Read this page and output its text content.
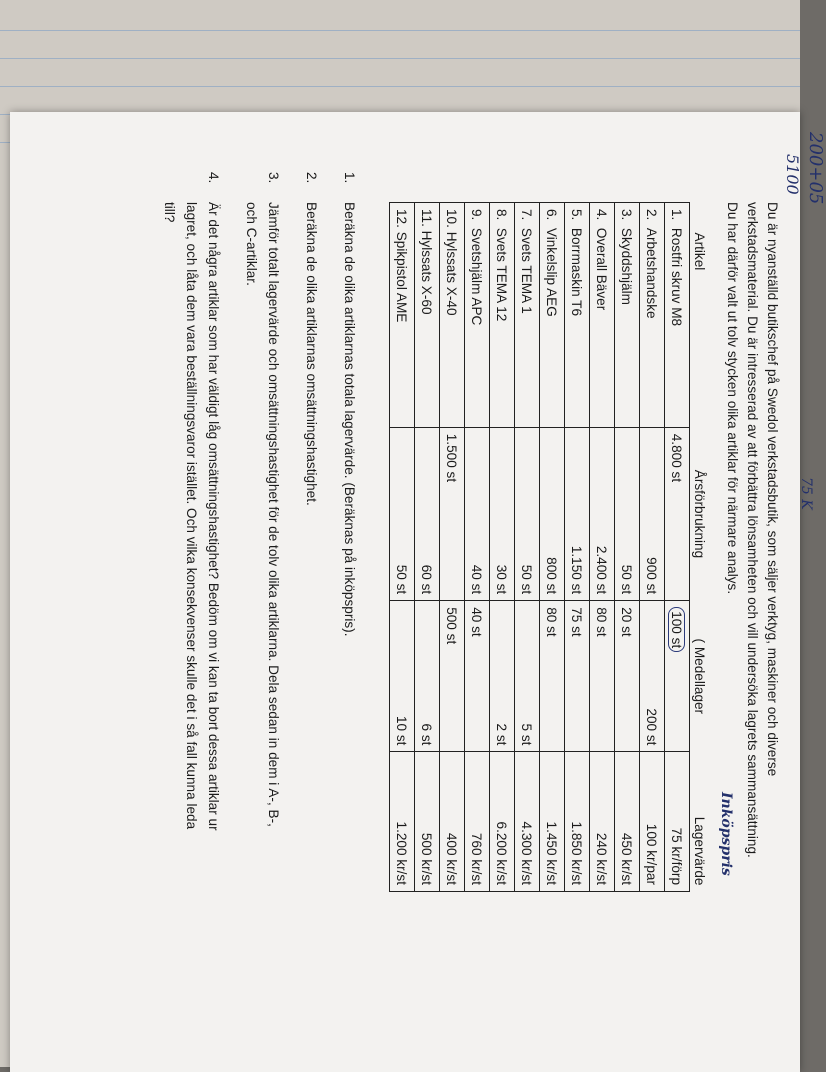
200+05
5100
75 K
Inköpspris

Du är nyanställd butikschef på Swedol verkstadsbutik, som säljer verktyg, maskiner och diverse verkstadsmaterial. Du är intresserad av att förbättra lönsamheten och vill undersöka lagrets sammansättning. Du har därför valt ut tolv stycken olika artiklar för närmare analys.

Artikel	Årsförbrukning	( Medellager	Lagervärde
1.  Rostfri skruv M8	4.800 st	100 st	75 kr/förp
2.  Arbetshandske	900 st	200 st	100 kr/par
3.  Skyddshjälm	50 st	20 st	450 kr/st
4.  Overall Bäver	2.400 st	80 st	240 kr/st
5.  Borrmaskin T6	1.150 st	75 st	1.850 kr/st
6.  Vinkelslip AEG	800 st	80 st	1.450 kr/st
7.  Svets TEMA 1	50 st	5 st	4.300 kr/st
8.  Svets TEMA 12	30 st	2 st	6.200 kr/st
9.  Svetshjälm APC	40 st	40 st	760 kr/st
10. Hylssats X-40	1.500 st	500 st	400 kr/st
11. Hylssats X-60	60 st	6 st	500 kr/st
12. Spikpistol AME	50 st	10 st	1.200 kr/st
1.
Beräkna de olika artiklarnas totala lagervärde. (Beräknas på inköpspris).
2.
Beräkna de olika artiklarnas omsättningshastighet.
3.
Jämför totalt lagervärde och omsättningshastighet för de tolv olika artiklarna. Dela sedan in dem i A-, B-, och C-artiklar.
4.
Är det några artiklar som har väldigt låg omsättningshastighet? Bedöm om vi kan ta bort dessa artiklar ur lagret, och låta dem vara beställningsvaror istället. Och vilka konsekvenser skulle det i så fall kunna leda till?
